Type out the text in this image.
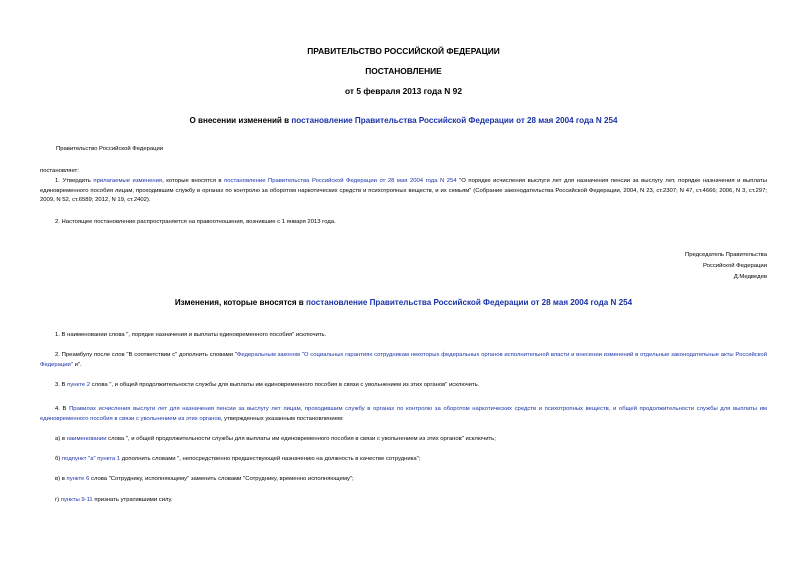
ПРАВИТЕЛЬСТВО РОССИЙСКОЙ ФЕДЕРАЦИИ
ПОСТАНОВЛЕНИЕ
от 5 февраля 2013 года N 92
О внесении изменений в постановление Правительства Российской Федерации от 28 мая 2004 года N 254
Правительство Российской Федерации
постановляет:
1. Утвердить прилагаемые изменения, которые вносятся в постановление Правительства Российской Федерации от 28 мая 2004 года N 254 "О порядке исчисления выслуги лет для назначения пенсии за выслугу лет, порядке назначения и выплаты единовременного пособия лицам, проходившим службу в органах по контролю за оборотом наркотических средств и психотропных веществ, и их семьям" (Собрание законодательства Российской Федерации, 2004, N 23, ст.2307; N 47, ст.4666; 2006, N 3, ст.297; 2009, N 52, ст.6589; 2012, N 19, ст.2402).
2. Настоящее постановление распространяется на правоотношения, возникшие с 1 января 2013 года.
Председатель Правительства
Российской Федерации
Д.Медведев
Изменения, которые вносятся в постановление Правительства Российской Федерации от 28 мая 2004 года N 254
1. В наименовании слова ", порядке назначения и выплаты единовременного пособия" исключить.
2. Преамбулу после слов "В соответствии с" дополнить словами "Федеральным законом "О социальных гарантиях сотрудникам некоторых федеральных органов исполнительной власти и внесении изменений в отдельные законодательные акты Российской Федерации" и".
3. В пункте 2 слова ", и общей продолжительности службы для выплаты им единовременного пособия в связи с увольнением из этих органов" исключить.
4. В Правилах исчисления выслуги лет для назначения пенсии за выслугу лет лицам, проходившим службу в органах по контролю за оборотом наркотических средств и психотропных веществ, и общей продолжительности службы для выплаты им единовременного пособия в связи с увольнением из этих органов, утвержденных указанным постановлением:
а) в наименовании слова ", и общей продолжительности службы для выплаты им единовременного пособия в связи с увольнением из этих органов" исключить;
б) подпункт "а" пункта 1 дополнить словами ", непосредственно предшествующей назначению на должность в качестве сотрудника";
в) в пункте 6 слова "Сотруднику, исполняющему" заменить словами "Сотруднику, временно исполняющему";
г) пункты 9-11 признать утратившими силу.
